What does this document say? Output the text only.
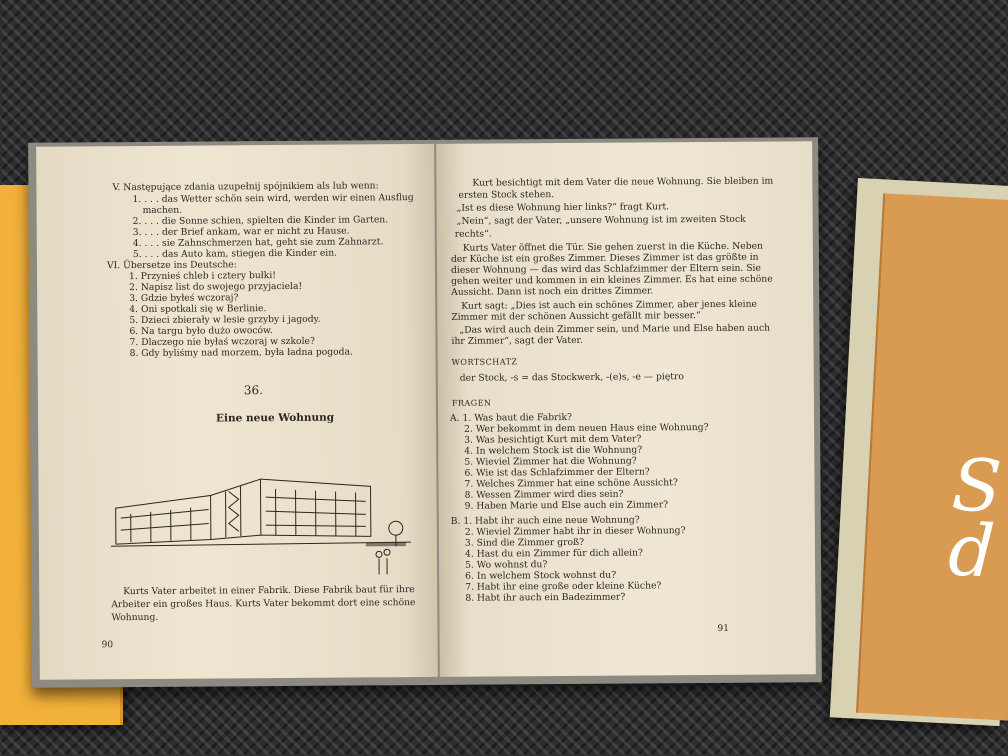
S d
V. Następujące zdania uzupełnij spójnikiem als lub wenn:
1. . . . das Wetter schön sein wird, werden wir einen Ausflug
machen.
2. . . . die Sonne schien, spielten die Kinder im Garten.
3. . . . der Brief ankam, war er nicht zu Hause.
4. . . . sie Zahnschmerzen hat, geht sie zum Zahnarzt.
5. . . . das Auto kam, stiegen die Kinder ein.
VI. Übersetze ins Deutsche:
1. Przynieś chleb i cztery bułki!
2. Napisz list do swojego przyjaciela!
3. Gdzie byłeś wczoraj?
4. Oni spotkali się w Berlinie.
5. Dzieci zbierały w lesie grzyby i jagody.
6. Na targu było dużo owoców.
7. Dlaczego nie byłaś wczoraj w szkole?
8. Gdy byliśmy nad morzem, była ładna pogoda.
36.
Eine neue Wohnung
Kurts Vater arbeitet in einer Fabrik. Diese Fabrik baut für ihre
Arbeiter ein großes Haus. Kurts Vater bekommt dort eine schöne
Wohnung.
90
Kurt besichtigt mit dem Vater die neue Wohnung. Sie bleiben im
ersten Stock stehen.
„Ist es diese Wohnung hier links?“ fragt Kurt.
„Nein“, sagt der Vater, „unsere Wohnung ist im zweiten Stock
rechts“.
Kurts Vater öffnet die Tür. Sie gehen zuerst in die Küche. Neben
der Küche ist ein großes Zimmer. Dieses Zimmer ist das größte in
dieser Wohnung — das wird das Schlafzimmer der Eltern sein. Sie
gehen weiter und kommen in ein kleines Zimmer. Es hat eine schöne
Aussicht. Dann ist noch ein drittes Zimmer.
Kurt sagt: „Dies ist auch ein schönes Zimmer, aber jenes kleine
Zimmer mit der schönen Aussicht gefällt mir besser.“
„Das wird auch dein Zimmer sein, und Marie und Else haben auch
ihr Zimmer“, sagt der Vater.
WORTSCHATZ
der Stock, -s = das Stockwerk, -(e)s, -e — piętro
FRAGEN
A. 1. Was baut die Fabrik?
2. Wer bekommt in dem neuen Haus eine Wohnung?
3. Was besichtigt Kurt mit dem Vater?
4. In welchem Stock ist die Wohnung?
5. Wieviel Zimmer hat die Wohnung?
6. Wie ist das Schlafzimmer der Eltern?
7. Welches Zimmer hat eine schöne Aussicht?
8. Wessen Zimmer wird dies sein?
9. Haben Marie und Else auch ein Zimmer?
B. 1. Habt ihr auch eine neue Wohnung?
2. Wieviel Zimmer habt ihr in dieser Wohnung?
3. Sind die Zimmer groß?
4. Hast du ein Zimmer für dich allein?
5. Wo wohnst du?
6. In welchem Stock wohnst du?
7. Habt ihr eine große oder kleine Küche?
8. Habt ihr auch ein Badezimmer?
91
